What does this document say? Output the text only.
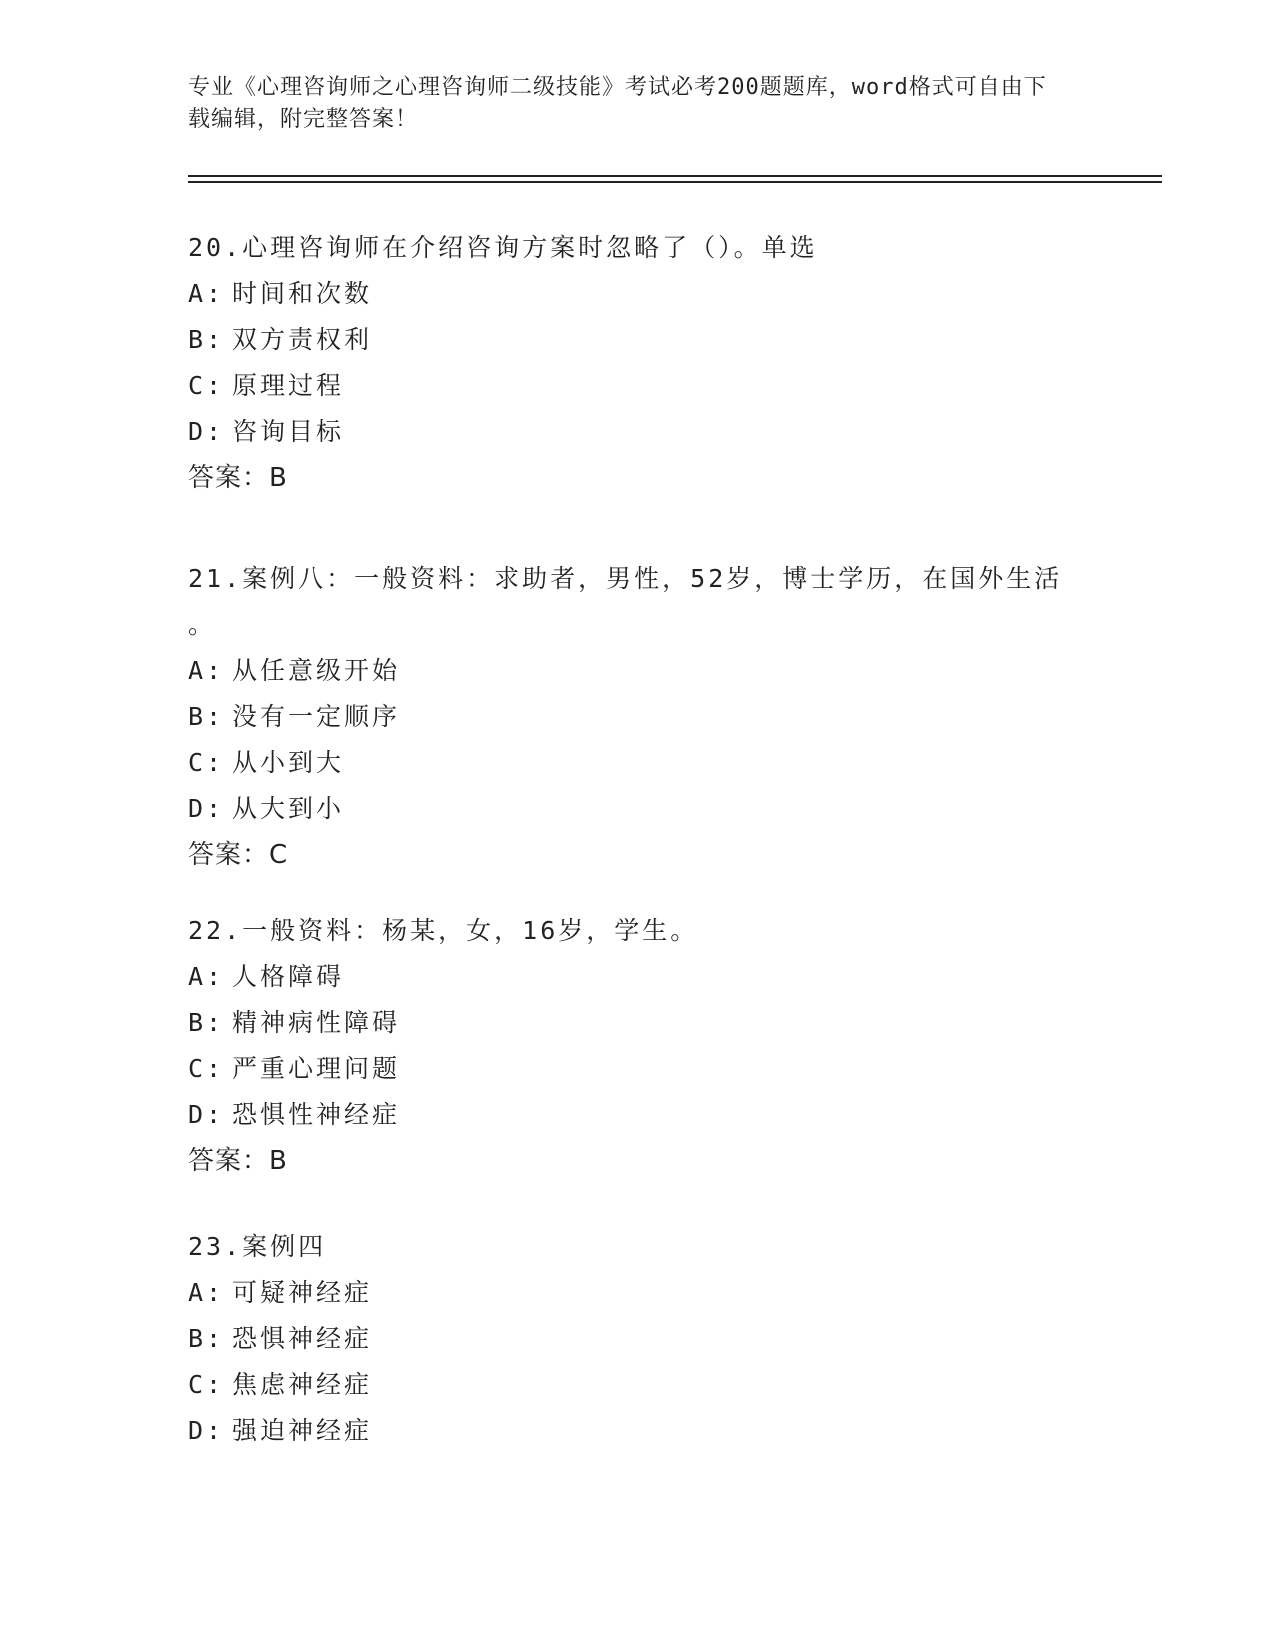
专业《心理咨询师之心理咨询师二级技能》考试必考200题题库，word格式可自由下载编辑，附完整答案！
20.心理咨询师在介绍咨询方案时忽略了（）。单选
A: 时间和次数
B: 双方责权利
C: 原理过程
D: 咨询目标
答案：B
21.案例八：一般资料：求助者，男性，52岁，博士学历，在国外生活
。
A: 从任意级开始
B: 没有一定顺序
C: 从小到大
D: 从大到小
答案：C
22.一般资料：杨某，女，16岁，学生。
A: 人格障碍
B: 精神病性障碍
C: 严重心理问题
D: 恐惧性神经症
答案：B
23.案例四
A: 可疑神经症
B: 恐惧神经症
C: 焦虑神经症
D: 强迫神经症
